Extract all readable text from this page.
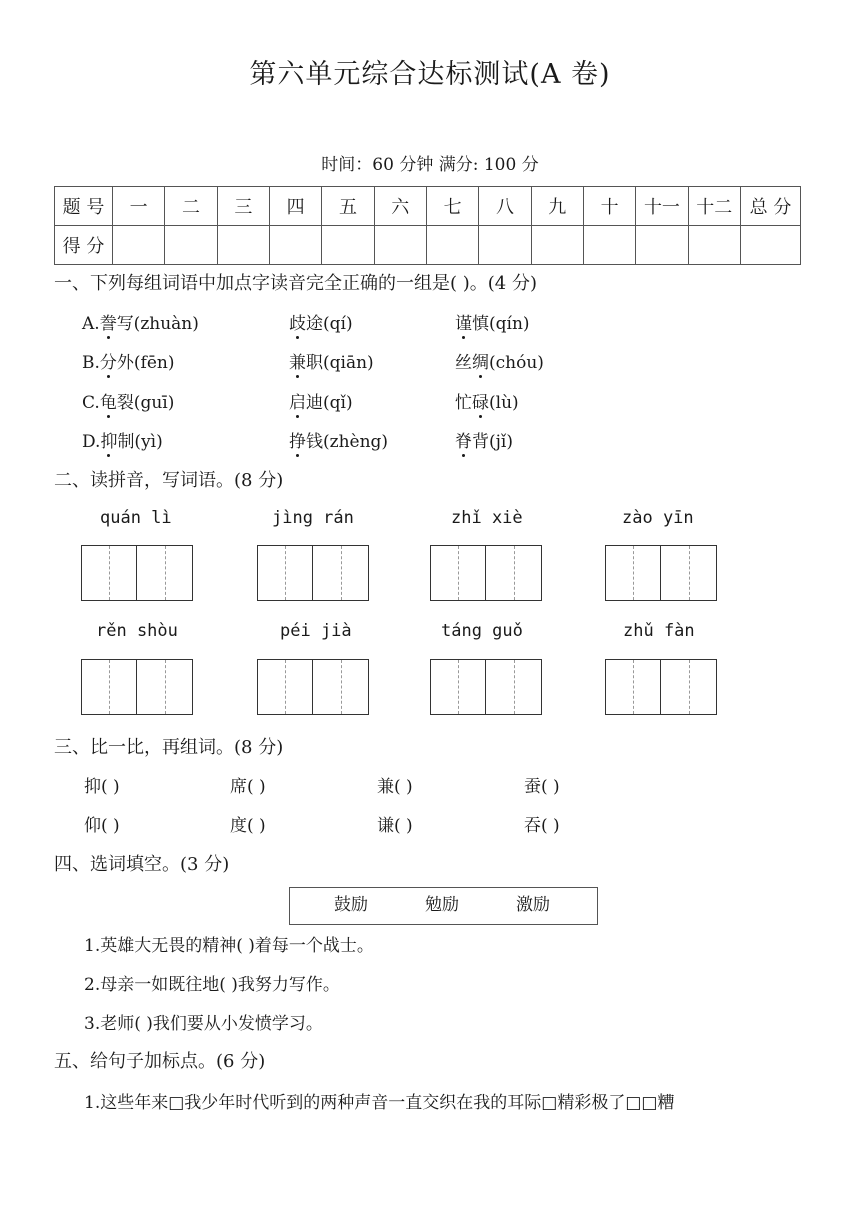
第六单元综合达标测试(A 卷)
时间：60 分钟 满分: 100 分
题 号	一	二	三	四	五	六	七	八	九	十	十一	十二	总 分
得 分													
一、下列每组词语中加点字读音完全正确的一组是( )。(4 分)
A.誊写(zhuàn)	歧途(qí)	谨慎(qín)
B.分外(fēn)	兼职(qiān)	丝绸(chóu)
C.龟裂(guī)	启迪(qǐ)	忙碌(lù)
D.抑制(yì)	挣钱(zhèng)	脊背(jǐ)
二、读拼音，写词语。(8 分)
quán lì	jìng rán	zhǐ xiè	zào yīn
rěn shòu	péi jià	táng guǒ	zhǔ fàn
三、比一比，再组词。(8 分)
抑( )	席( )	兼( )	蚕( )
仰( )	度( )	谦( )	吞( )
四、选词填空。(3 分)
鼓励	勉励	激励
1.英雄大无畏的精神( )着每一个战士。
2.母亲一如既往地( )我努力写作。
3.老师( )我们要从小发愤学习。
五、给句子加标点。(6 分)
1.这些年来□我少年时代听到的两种声音一直交织在我的耳际□精彩极了□□糟
